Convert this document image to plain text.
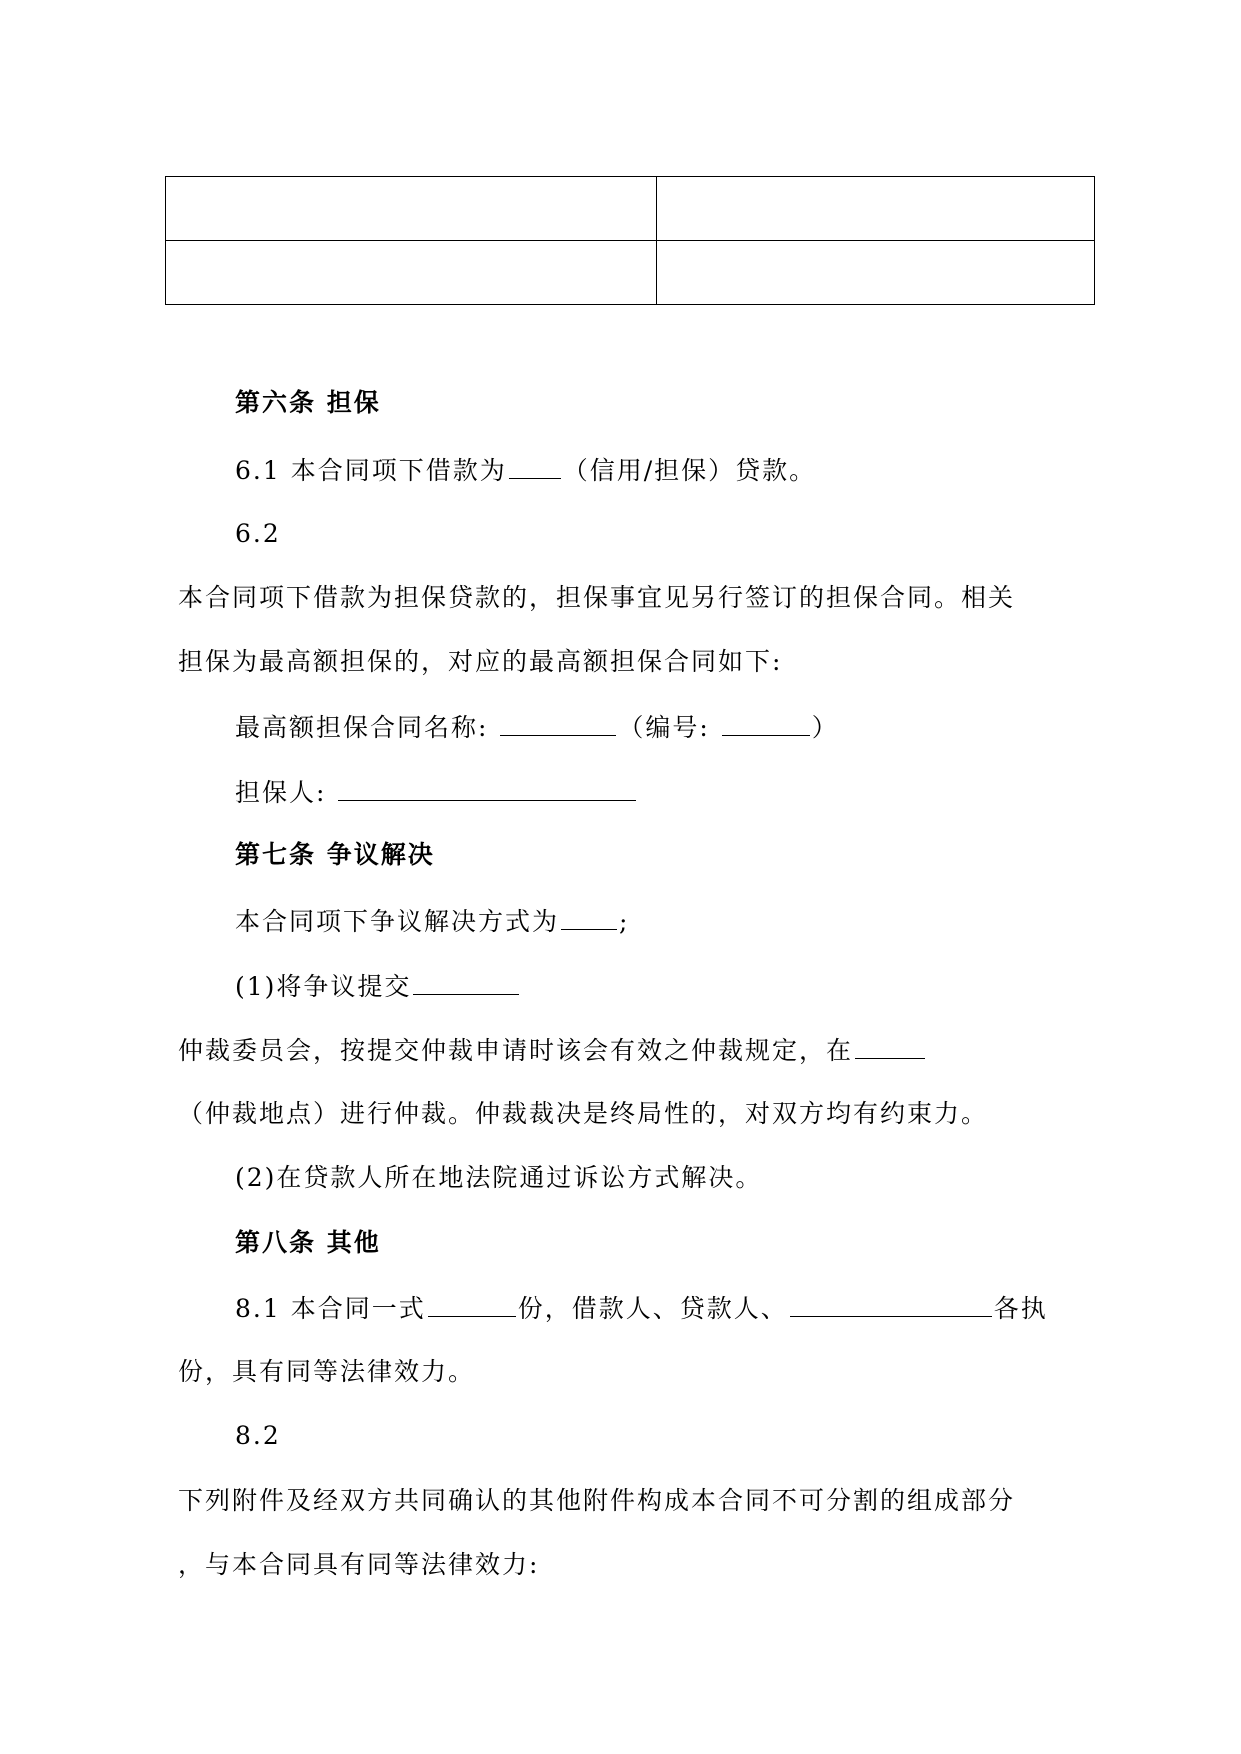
第六条 担保
6.1 本合同项下借款为 （信用/担保）贷款。
6.2
本合同项下借款为担保贷款的，担保事宜见另行签订的担保合同。相关
担保为最高额担保的，对应的最高额担保合同如下:
最高额担保合同名称:	（编号:	）
担保人:
第七条 争议解决
本合同项下争议解决方式为 ;
(1)将争议提交
仲裁委员会，按提交仲裁申请时该会有效之仲裁规定，在
（仲裁地点）进行仲裁。仲裁裁决是终局性的，对双方均有约束力。
(2)在贷款人所在地法院通过诉讼方式解决。
第八条 其他
8.1 本合同一式	份，借款人、贷款人、	各执
份，具有同等法律效力。
8.2
下列附件及经双方共同确认的其他附件构成本合同不可分割的组成部分
，与本合同具有同等法律效力:
